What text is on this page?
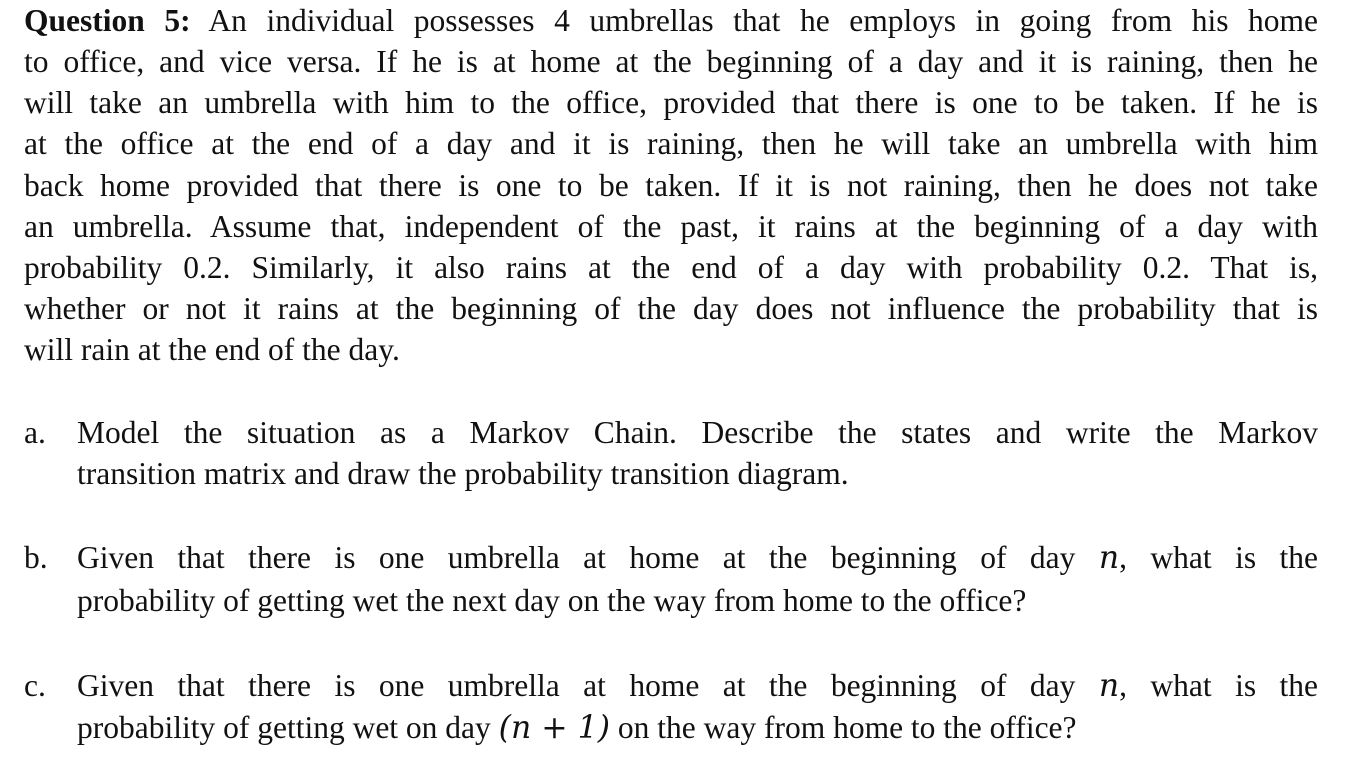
Question 5: An individual possesses 4 umbrellas that he employs in going from his home
to office, and vice versa. If he is at home at the beginning of a day and it is raining, then he
will take an umbrella with him to the office, provided that there is one to be taken. If he is
at the office at the end of a day and it is raining, then he will take an umbrella with him
back home provided that there is one to be taken. If it is not raining, then he does not take
an umbrella. Assume that, independent of the past, it rains at the beginning of a day with
probability 0.2. Similarly, it also rains at the end of a day with probability 0.2. That is,
whether or not it rains at the beginning of the day does not influence the probability that is
will rain at the end of the day.
a. Model the situation as a Markov Chain. Describe the states and write the Markov
transition matrix and draw the probability transition diagram.
b. Given that there is one umbrella at home at the beginning of day n, what is the
probability of getting wet the next day on the way from home to the office?
c. Given that there is one umbrella at home at the beginning of day n, what is the
probability of getting wet on day (n + 1) on the way from home to the office?
